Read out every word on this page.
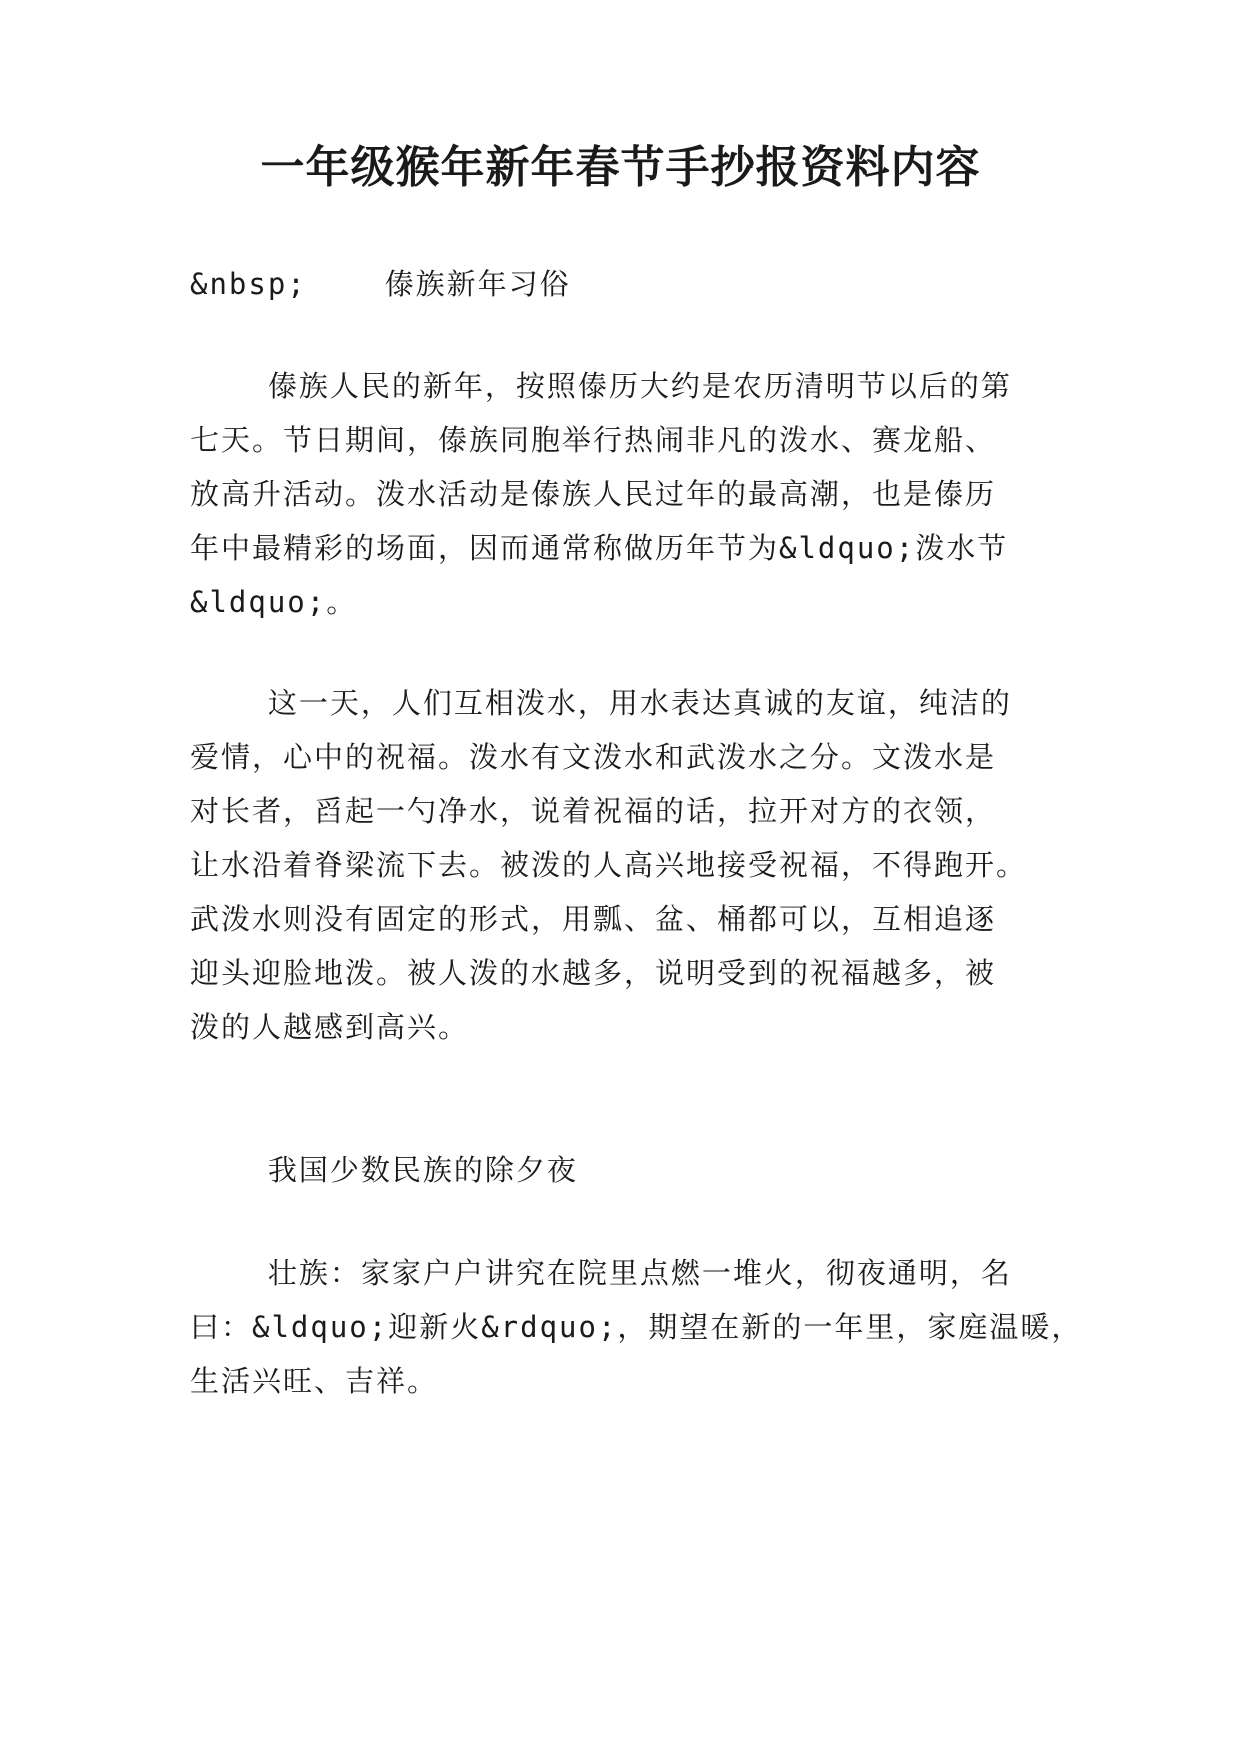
一年级猴年新年春节手抄报资料内容

&nbsp;    傣族新年习俗

傣族人民的新年，按照傣历大约是农历清明节以后的第

七天。节日期间，傣族同胞举行热闹非凡的泼水、赛龙船、

放高升活动。泼水活动是傣族人民过年的最高潮，也是傣历

年中最精彩的场面，因而通常称做历年节为&ldquo;泼水节

&ldquo;。

这一天，人们互相泼水，用水表达真诚的友谊，纯洁的

爱情，心中的祝福。泼水有文泼水和武泼水之分。文泼水是

对长者，舀起一勺净水，说着祝福的话，拉开对方的衣领，

让水沿着脊梁流下去。被泼的人高兴地接受祝福，不得跑开。

武泼水则没有固定的形式，用瓢、盆、桶都可以，互相追逐

迎头迎脸地泼。被人泼的水越多，说明受到的祝福越多，被

泼的人越感到高兴。

我国少数民族的除夕夜

壮族：家家户户讲究在院里点燃一堆火，彻夜通明，名

曰：&ldquo;迎新火&rdquo;，期望在新的一年里，家庭温暖，

生活兴旺、吉祥。
